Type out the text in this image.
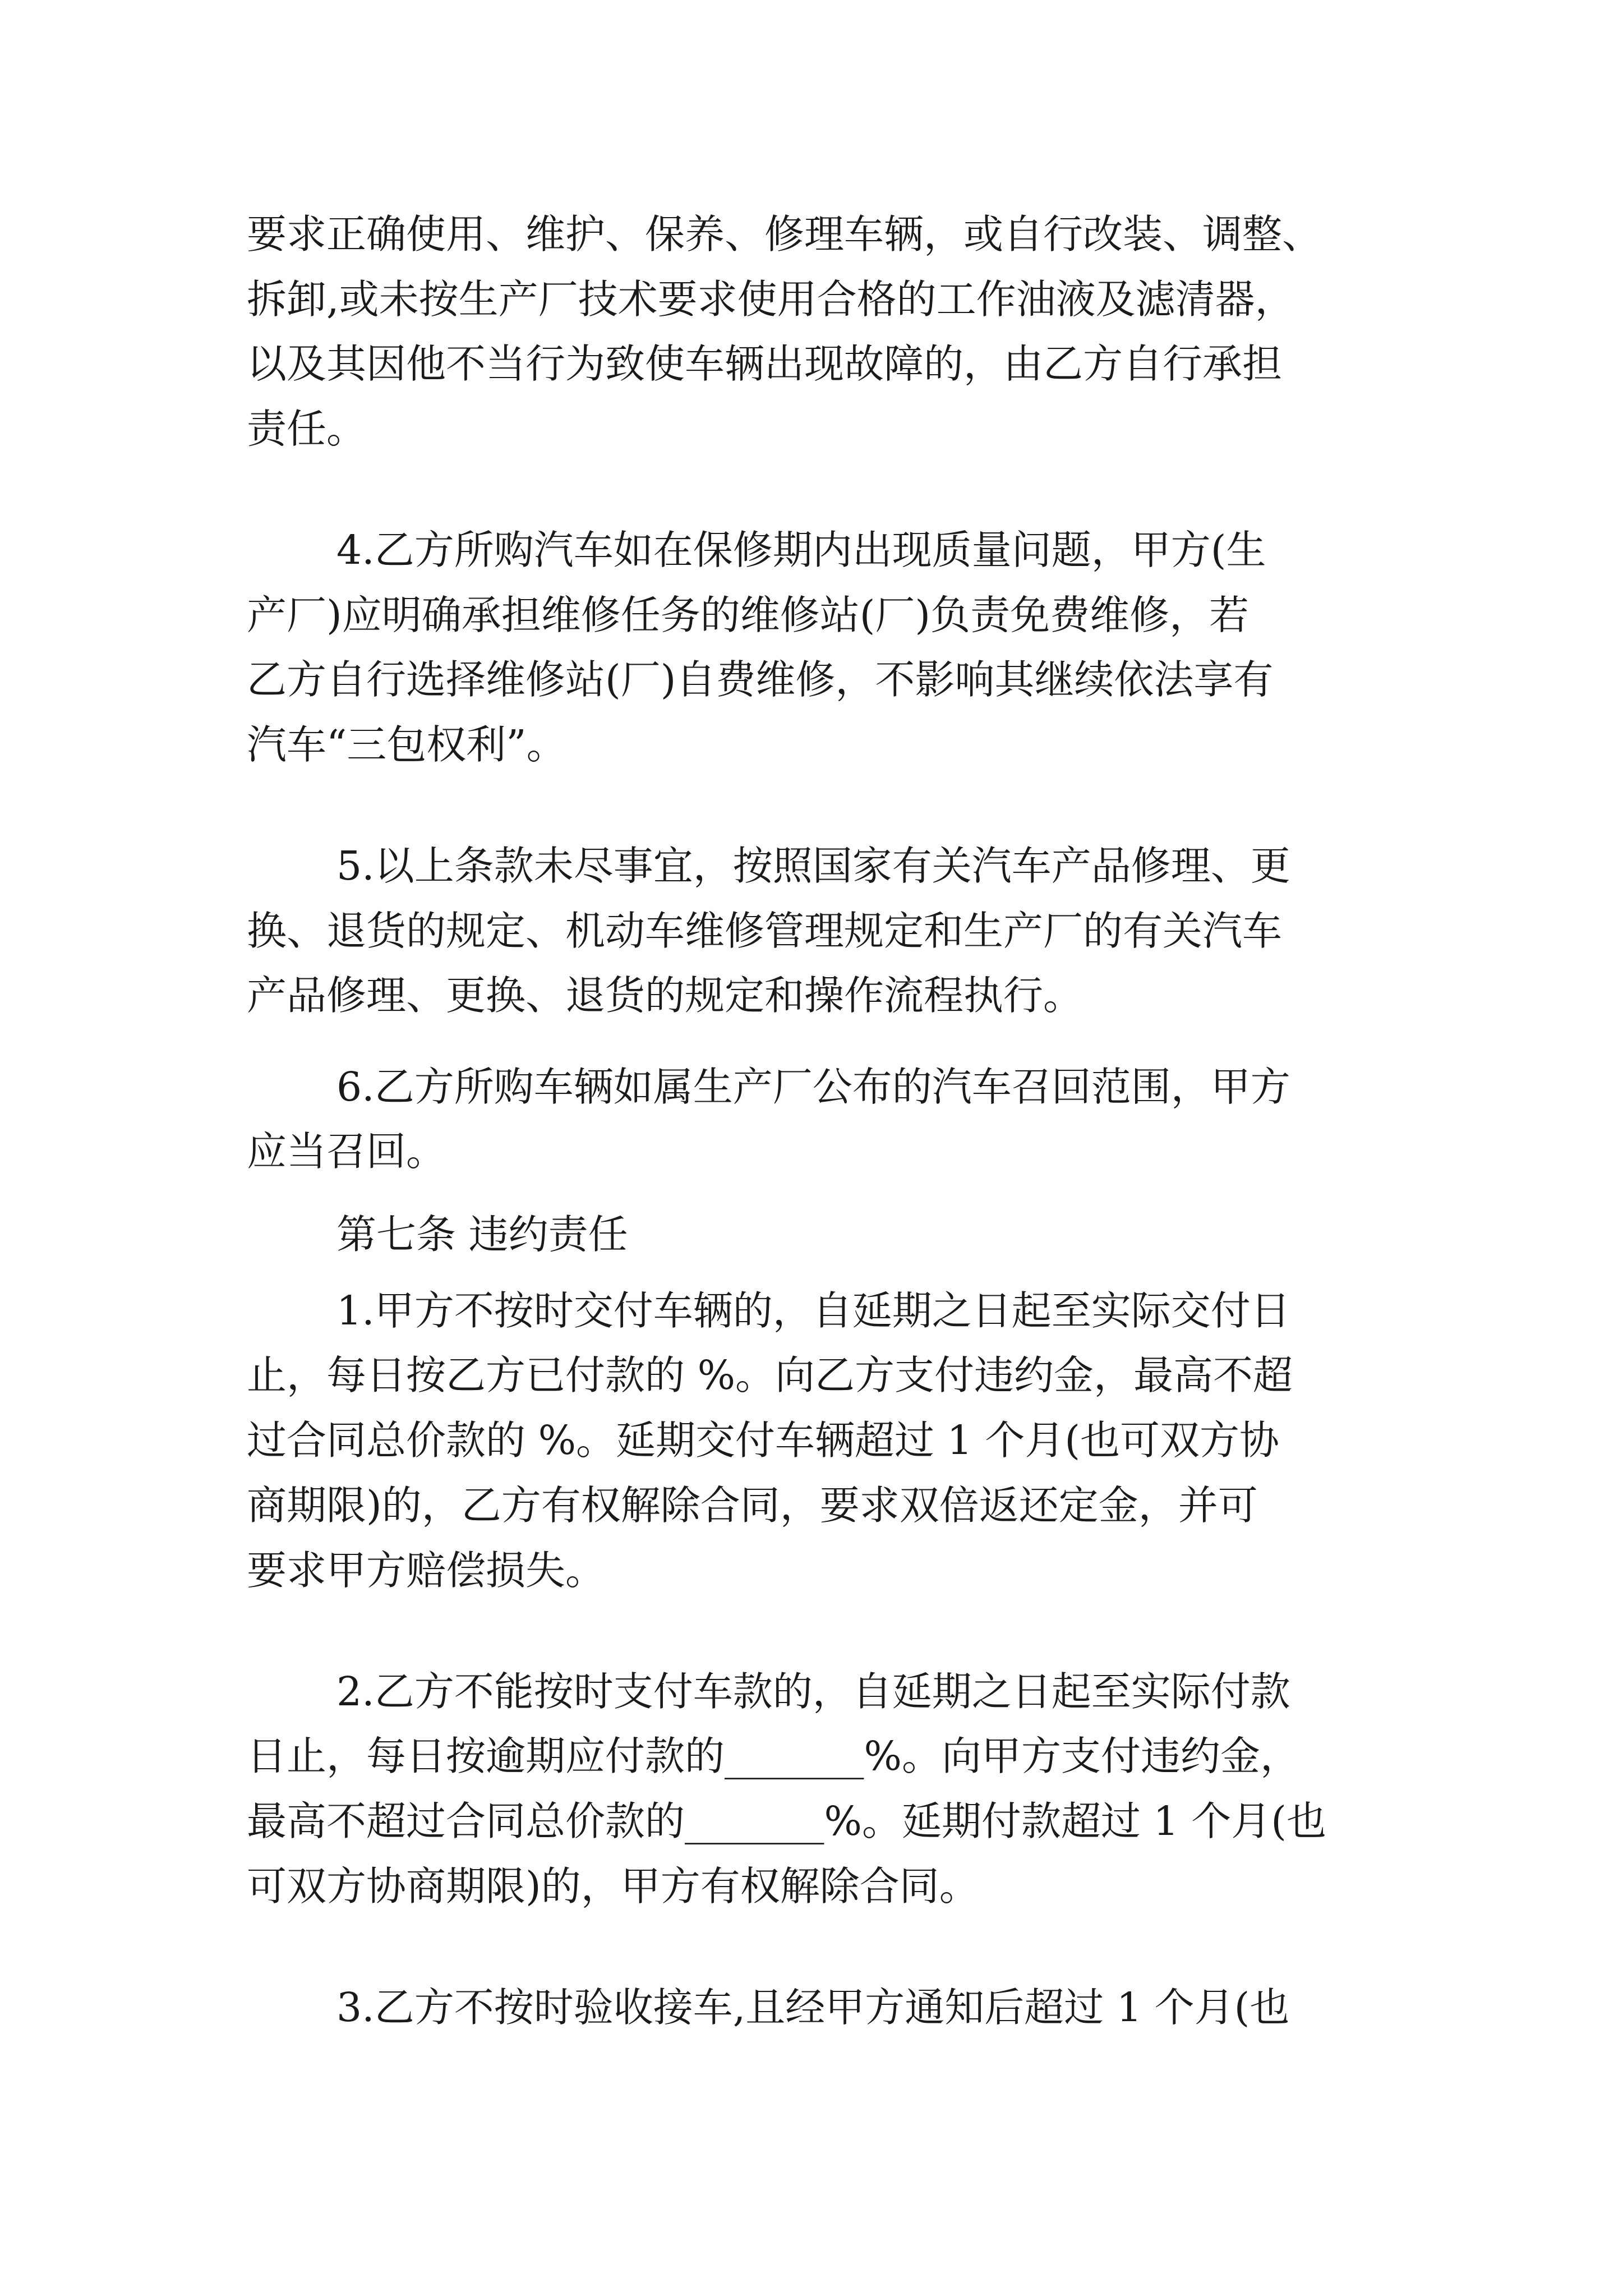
要求正确使用、维护、保养、修理车辆，或自行改装、调整、
拆卸,或未按生产厂技术要求使用合格的工作油液及滤清器，
以及其因他不当行为致使车辆出现故障的，由乙方自行承担
责任。
4.乙方所购汽车如在保修期内出现质量问题，甲方(生
产厂)应明确承担维修任务的维修站(厂)负责免费维修，若
乙方自行选择维修站(厂)自费维修，不影响其继续依法享有
汽车“三包权利”。
5.以上条款未尽事宜，按照国家有关汽车产品修理、更
换、退货的规定、机动车维修管理规定和生产厂的有关汽车
产品修理、更换、退货的规定和操作流程执行。
6.乙方所购车辆如属生产厂公布的汽车召回范围，甲方
应当召回。
第七条 违约责任
1.甲方不按时交付车辆的，自延期之日起至实际交付日
止，每日按乙方已付款的 %。向乙方支付违约金，最高不超
过合同总价款的 %。延期交付车辆超过 1 个月(也可双方协
商期限)的，乙方有权解除合同，要求双倍返还定金，并可
要求甲方赔偿损失。
2.乙方不能按时支付车款的，自延期之日起至实际付款
日止，每日按逾期应付款的_______%。向甲方支付违约金，
最高不超过合同总价款的_______%。延期付款超过 1 个月(也
可双方协商期限)的，甲方有权解除合同。
3.乙方不按时验收接车,且经甲方通知后超过 1 个月(也
